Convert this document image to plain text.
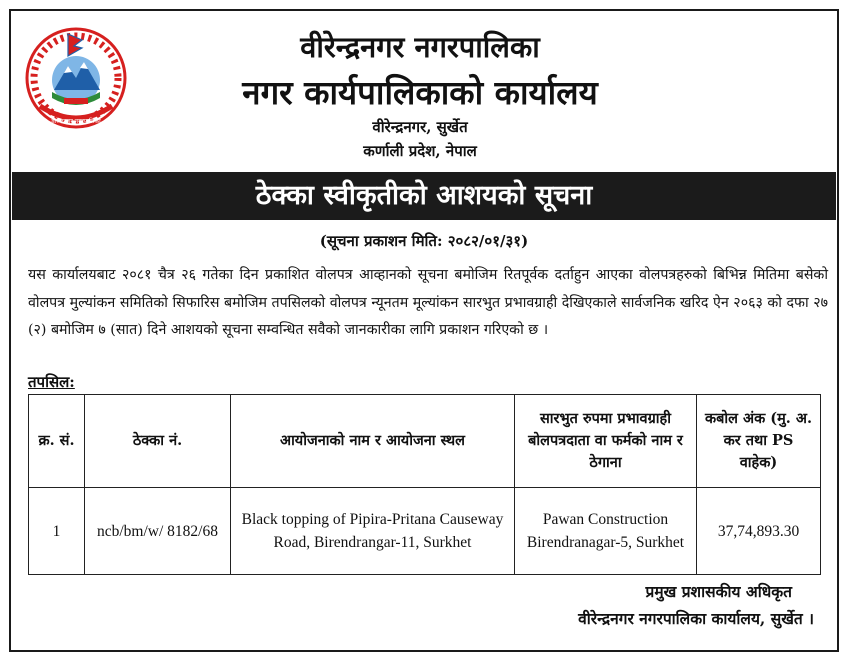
वीरेन्द्रनगर नगरपालिका
वीरेन्द्रनगर नगरपालिका
नगर कार्यपालिकाको कार्यालय
वीरेन्द्रनगर, सुर्खेत
कर्णाली प्रदेश, नेपाल
ठेक्का स्वीकृतीको आशयको सूचना
(सूचना प्रकाशन मिति: २०८२/०१/३१)
यस कार्यालयबाट २०८१ चैत्र २६ गतेका दिन प्रकाशित वोलपत्र आव्हानको सूचना बमोजिम रितपूर्वक दर्ताहुन आएका वोलपत्रहरुको बिभिन्न मितिमा बसेको वोलपत्र मुल्यांकन समितिको सिफारिस बमोजिम तपसिलको वोलपत्र न्यूनतम मूल्यांकन सारभुत प्रभावग्राही देखिएकाले सार्वजनिक खरिद ऐन २०६३ को दफा २७ (२) बमोजिम ७ (सात) दिने आशयको सूचना सम्वन्धित सवैको जानकारीका लागि प्रकाशन गरिएको छ ।
तपसिल:
क्र. सं.	ठेक्का नं.	आयोजनाको नाम र आयोजना स्थल	सारभुत रुपमा प्रभावग्राही बोलपत्रदाता वा फर्मको नाम र ठेगाना	कबोल अंक (मु. अ. कर तथा PS वाहेक)
1	ncb/bm/w/ 8182/68	Black topping of Pipira-Pritana Causeway Road, Birendrangar-11, Surkhet	Pawan Construction Birendranagar-5, Surkhet	37,74,893.30
प्रमुख प्रशासकीय अधिकृत
वीरेन्द्रनगर नगरपालिका कार्यालय, सुर्खेत ।
